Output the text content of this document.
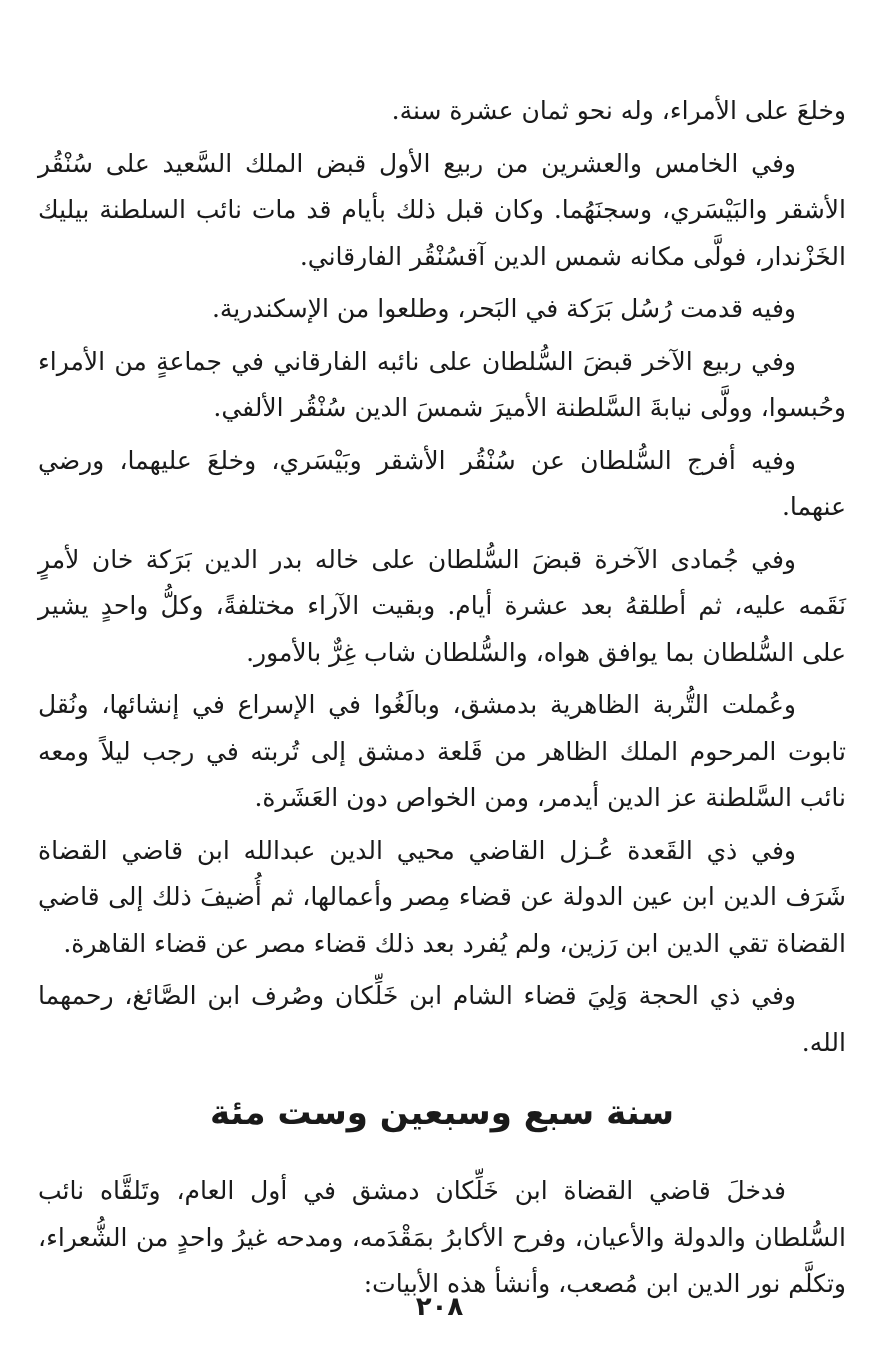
وخلعَ على الأمراء، وله نحو ثمان عشرة سنة.

وفي الخامس والعشرين من ربيع الأول قبض الملك السَّعيد على سُنْقُر الأشقر والبَيْسَري، وسجنَهُما. وكان قبل ذلك بأيام قد مات نائب السلطنة بيليك الخَزْندار، فولَّى مكانه شمس الدين آقسُنْقُر الفارقاني.

وفيه قدمت رُسُل بَرَكة في البَحر، وطلعوا من الإسكندرية.

وفي ربيع الآخر قبضَ السُّلطان على نائبه الفارقاني في جماعةٍ من الأمراء وحُبسوا، وولَّى نيابةَ السَّلطنة الأميرَ شمسَ الدين سُنْقُر الألفي.

وفيه أفرج السُّلطان عن سُنْقُر الأشقر وبَيْسَري، وخلعَ عليهما، ورضي عنهما.

وفي جُمادى الآخرة قبضَ السُّلطان على خاله بدر الدين بَرَكة خان لأمرٍ نَقَمه عليه، ثم أطلقهُ بعد عشرة أيام. وبقيت الآراء مختلفةً، وكلُّ واحدٍ يشير على السُّلطان بما يوافق هواه، والسُّلطان شاب غِرٌّ بالأمور.

وعُملت التُّربة الظاهرية بدمشق، وبالَغُوا في الإسراع في إنشائها، ونُقل تابوت المرحوم الملك الظاهر من قَلعة دمشق إلى تُربته في رجب ليلاً ومعه نائب السَّلطنة عز الدين أيدمر، ومن الخواص دون العَشَرة.

وفي ذي القَعدة عُـزل القاضي محيي الدين عبدالله ابن قاضي القضاة شَرَف الدين ابن عين الدولة عن قضاء مِصر وأعمالها، ثم أُضيفَ ذلك إلى قاضي القضاة تقي الدين ابن رَزين، ولم يُفرد بعد ذلك قضاء مصر عن قضاء القاهرة.

وفي ذي الحجة وَلِيَ قضاء الشام ابن خَلِّكان وصُرف ابن الصَّائغ، رحمهما الله.

سنة سبع وسبعين وست مئة

فدخلَ قاضي القضاة ابن خَلِّكان دمشق في أول العام، وتَلقَّاه نائب السُّلطان والدولة والأعيان، وفرح الأكابرُ بمَقْدَمه، ومدحه غيرُ واحدٍ من الشُّعراء، وتكلَّم نور الدين ابن مُصعب، وأنشأ هذه الأبيات:

٢٠٨
